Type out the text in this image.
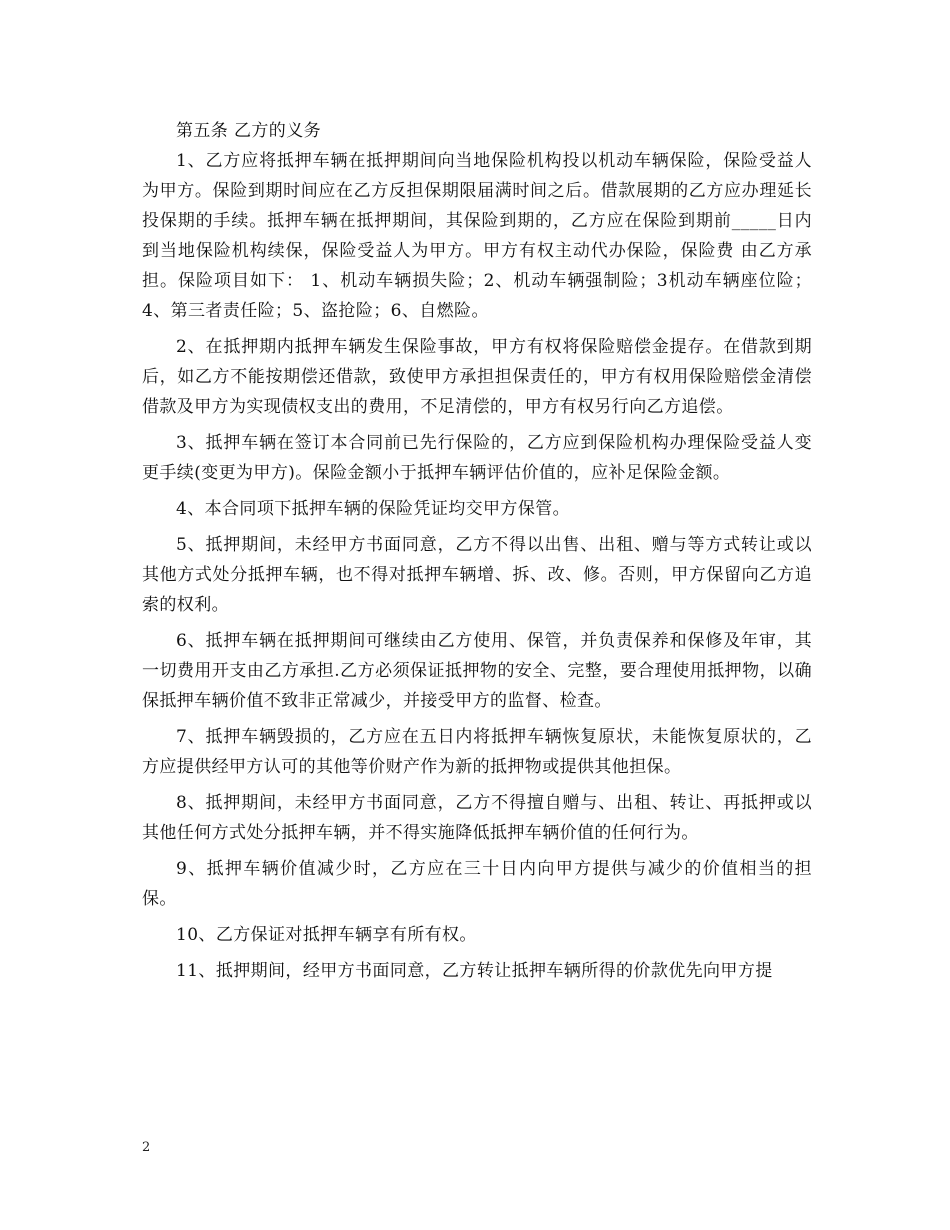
第五条 乙方的义务

1、乙方应将抵押车辆在抵押期间向当地保险机构投以机动车辆保险，保险受益人为甲方。保险到期时间应在乙方反担保期限届满时间之后。借款展期的乙方应办理延长投保期的手续。抵押车辆在抵押期间，其保险到期的，乙方应在保险到期前_____日内到当地保险机构续保，保险受益人为甲方。甲方有权主动代办保险，保险费 由乙方承担。保险项目如下： 1、机动车辆损失险；2、机动车辆强制险；3机动车辆座位险；4、第三者责任险；5、盗抢险；6、自燃险。

2、在抵押期内抵押车辆发生保险事故，甲方有权将保险赔偿金提存。在借款到期后，如乙方不能按期偿还借款，致使甲方承担担保责任的，甲方有权用保险赔偿金清偿借款及甲方为实现债权支出的费用，不足清偿的，甲方有权另行向乙方追偿。

3、抵押车辆在签订本合同前已先行保险的，乙方应到保险机构办理保险受益人变更手续(变更为甲方)。保险金额小于抵押车辆评估价值的，应补足保险金额。

4、本合同项下抵押车辆的保险凭证均交甲方保管。

5、抵押期间，未经甲方书面同意，乙方不得以出售、出租、赠与等方式转让或以其他方式处分抵押车辆，也不得对抵押车辆增、拆、改、修。否则，甲方保留向乙方追索的权利。

6、抵押车辆在抵押期间可继续由乙方使用、保管，并负责保养和保修及年审，其一切费用开支由乙方承担.乙方必须保证抵押物的安全、完整，要合理使用抵押物，以确保抵押车辆价值不致非正常减少，并接受甲方的监督、检查。

7、抵押车辆毁损的，乙方应在五日内将抵押车辆恢复原状，未能恢复原状的，乙方应提供经甲方认可的其他等价财产作为新的抵押物或提供其他担保。

8、抵押期间，未经甲方书面同意，乙方不得擅自赠与、出租、转让、再抵押或以其他任何方式处分抵押车辆，并不得实施降低抵押车辆价值的任何行为。

9、抵押车辆价值减少时，乙方应在三十日内向甲方提供与减少的价值相当的担保。

10、乙方保证对抵押车辆享有所有权。

11、抵押期间，经甲方书面同意，乙方转让抵押车辆所得的价款优先向甲方提

2
